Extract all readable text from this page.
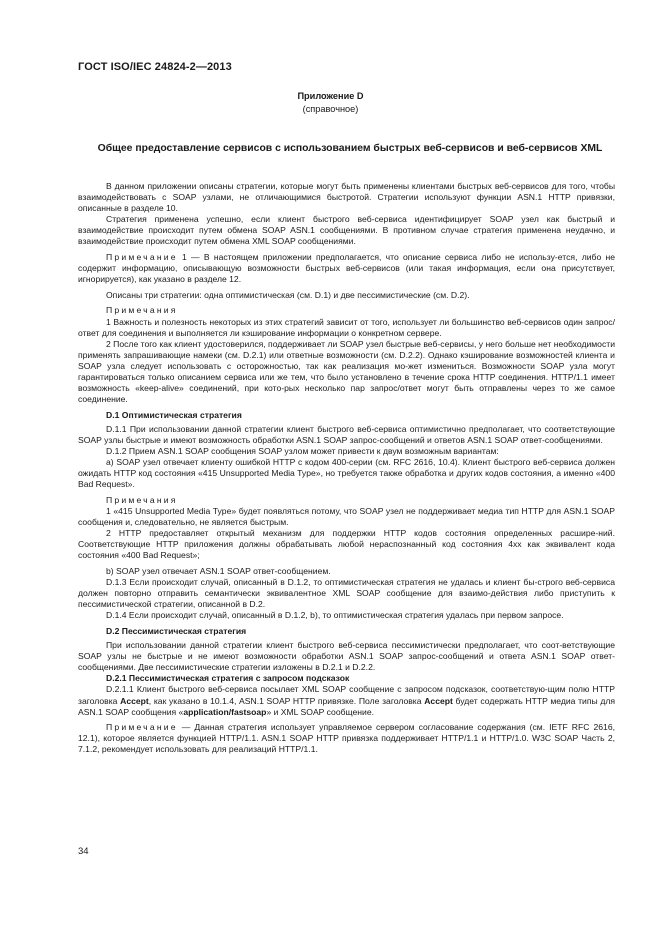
ГОСТ ISO/IEC 24824-2—2013
Приложение D
(справочное)
Общее предоставление сервисов с использованием быстрых веб-сервисов и веб-сервисов XML

В данном приложении описаны стратегии, которые могут быть применены клиентами быстрых веб-сервисов для того, чтобы взаимодействовать с SOAP узлами, не отличающимися быстротой. Стратегии используют функции ASN.1 HTTP привязки, описанные в разделе 10.

Стратегия применена успешно, если клиент быстрого веб-сервиса идентифицирует SOAP узел как быстрый и взаимодействие происходит путем обмена SOAP ASN.1 сообщениями. В противном случае стратегия применена неудачно, и взаимодействие происходит путем обмена XML SOAP сообщениями.

Примечание 1 — В настоящем приложении предполагается, что описание сервиса либо не использу-ется, либо не содержит информацию, описывающую возможности быстрых веб-сервисов (или такая информация, если она присутствует, игнорируется), как указано в разделе 12.

Описаны три стратегии: одна оптимистическая (см. D.1) и две пессимистические (см. D.2).

Примечания

1 Важность и полезность некоторых из этих стратегий зависит от того, использует ли большинство веб-сервисов один запрос/ответ для соединения и выполняется ли кэширование информации о конкретном сервере.

2 После того как клиент удостоверился, поддерживает ли SOAP узел быстрые веб-сервисы, у него больше нет необходимости применять запрашивающие намеки (см. D.2.1) или ответные возможности (см. D.2.2). Однако кэширование возможностей клиента и SOAP узла следует использовать с осторожностью, так как реализация мо-жет измениться. Возможности SOAP узла могут гарантироваться только описанием сервиса или же тем, что было установлено в течение срока HTTP соединения. HTTP/1.1 имеет возможность «keep-alive» соединений, при кото-рых несколько пар запрос/ответ могут быть отправлены через то же самое соединение.

D.1 Оптимистическая стратегия

D.1.1 При использовании данной стратегии клиент быстрого веб-сервиса оптимистично предполагает, что соответствующие SOAP узлы быстрые и имеют возможность обработки ASN.1 SOAP запрос-сообщений и ответов ASN.1 SOAP ответ-сообщениями.

D.1.2 Прием ASN.1 SOAP сообщения SOAP узлом может привести к двум возможным вариантам:

a) SOAP узел отвечает клиенту ошибкой HTTP с кодом 400-серии (см. RFC 2616, 10.4). Клиент быстрого веб-сервиса должен ожидать HTTP код состояния «415 Unsupported Media Type», но требуется также обработка и других кодов состояния, а именно «400 Bad Request».

Примечания

1 «415 Unsupported Media Type» будет появляться потому, что SOAP узел не поддерживает медиа тип HTTP для ASN.1 SOAP сообщения и, следовательно, не является быстрым.

2 HTTP предоставляет открытый механизм для поддержки HTTP кодов состояния определенных расшире-ний. Соответствующие HTTP приложения должны обрабатывать любой нераспознанный код состояния 4xx как эквивалент кода состояния «400 Bad Request»;

b) SOAP узел отвечает ASN.1 SOAP ответ-сообщением.

D.1.3 Если происходит случай, описанный в D.1.2, то оптимистическая стратегия не удалась и клиент бы-строго веб-сервиса должен повторно отправить семантически эквивалентное XML SOAP сообщение для взаимо-действия либо приступить к пессимистической стратегии, описанной в D.2.

D.1.4 Если происходит случай, описанный в D.1.2, b), то оптимистическая стратегия удалась при первом запросе.

D.2 Пессимистическая стратегия

При использовании данной стратегии клиент быстрого веб-сервиса пессимистически предполагает, что соот-ветствующие SOAP узлы не быстрые и не имеют возможности обработки ASN.1 SOAP запрос-сообщений и ответа ASN.1 SOAP ответ-сообщениями. Две пессимистические стратегии изложены в D.2.1 и D.2.2.

D.2.1 Пессимистическая стратегия с запросом подсказок

D.2.1.1 Клиент быстрого веб-сервиса посылает XML SOAP сообщение с запросом подсказок, соответствую-щим полю HTTP заголовка Accept, как указано в 10.1.4, ASN.1 SOAP HTTP привязке. Поле заголовка Accept будет содержать HTTP медиа типы для ASN.1 SOAP сообщения «application/fastsoap» и XML SOAP сообщение.

Примечание — Данная стратегия использует управляемое сервером согласование содержания (см. IETF RFC 2616, 12.1), которое является функцией HTTP/1.1. ASN.1 SOAP HTTP привязка поддерживает HTTP/1.1 и HTTP/1.0. W3C SOAP Часть 2, 7.1.2, рекомендует использовать для реализаций HTTP/1.1.

34
